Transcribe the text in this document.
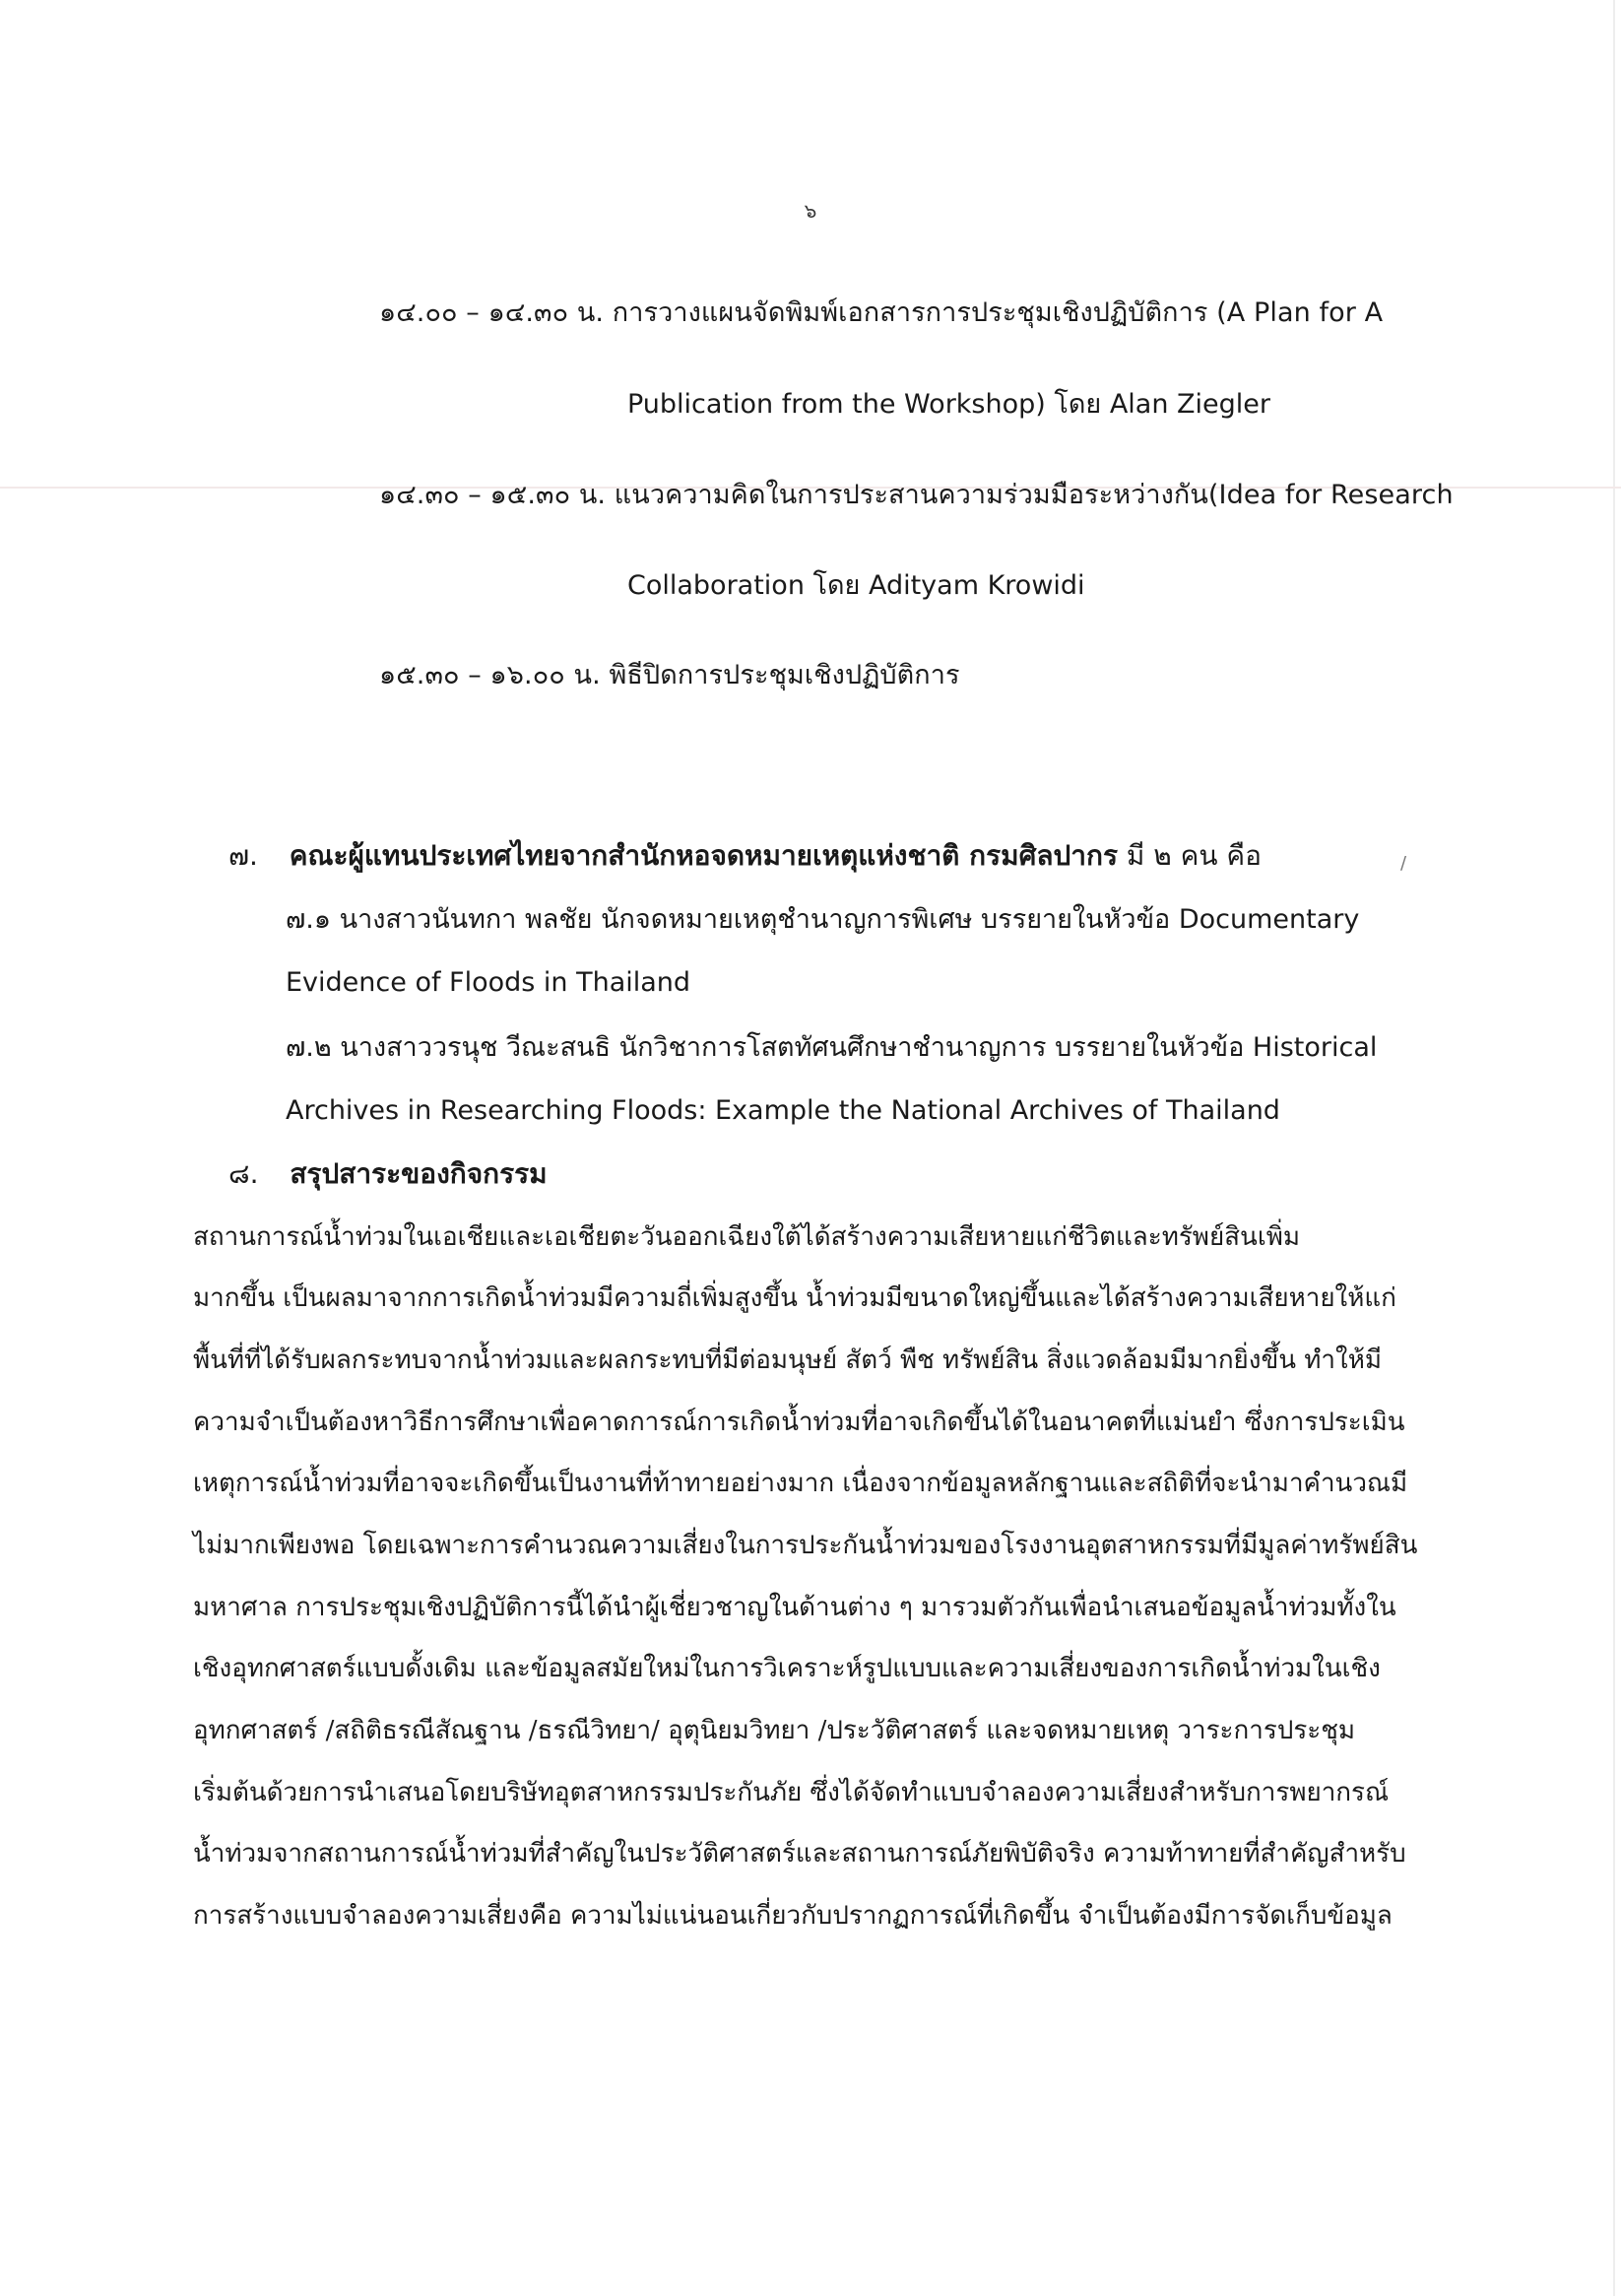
๖
๑๔.๐๐ – ๑๔.๓๐ น. การวางแผนจัดพิมพ์เอกสารการประชุมเชิงปฏิบัติการ (A Plan for A
Publication from the Workshop) โดย Alan Ziegler
๑๔.๓๐ – ๑๕.๓๐ น. แนวความคิดในการประสานความร่วมมือระหว่างกัน(Idea for Research
Collaboration โดย Adityam Krowidi
๑๕.๓๐ – ๑๖.๐๐ น. พิธีปิดการประชุมเชิงปฏิบัติการ
๗. คณะผู้แทนประเทศไทยจากสำนักหอจดหมายเหตุแห่งชาติ กรมศิลปากร มี ๒ คน คือ	/
๗.๑ นางสาวนันทกา พลชัย นักจดหมายเหตุชำนาญการพิเศษ บรรยายในหัวข้อ Documentary
Evidence of Floods in Thailand
๗.๒ นางสาววรนุช วีณะสนธิ นักวิชาการโสตทัศนศึกษาชำนาญการ บรรยายในหัวข้อ Historical
Archives in Researching Floods: Example the National Archives of Thailand
๘. สรุปสาระของกิจกรรม
สถานการณ์น้ำท่วมในเอเชียและเอเชียตะวันออกเฉียงใต้ได้สร้างความเสียหายแก่ชีวิตและทรัพย์สินเพิ่ม
มากขึ้น เป็นผลมาจากการเกิดน้ำท่วมมีความถี่เพิ่มสูงขึ้น น้ำท่วมมีขนาดใหญ่ขึ้นและได้สร้างความเสียหายให้แก่
พื้นที่ที่ได้รับผลกระทบจากน้ำท่วมและผลกระทบที่มีต่อมนุษย์ สัตว์ พืช ทรัพย์สิน สิ่งแวดล้อมมีมากยิ่งขึ้น ทำให้มี
ความจำเป็นต้องหาวิธีการศึกษาเพื่อคาดการณ์การเกิดน้ำท่วมที่อาจเกิดขึ้นได้ในอนาคตที่แม่นยำ ซึ่งการประเมิน
เหตุการณ์น้ำท่วมที่อาจจะเกิดขึ้นเป็นงานที่ท้าทายอย่างมาก เนื่องจากข้อมูลหลักฐานและสถิติที่จะนำมาคำนวณมี
ไม่มากเพียงพอ โดยเฉพาะการคำนวณความเสี่ยงในการประกันน้ำท่วมของโรงงานอุตสาหกรรมที่มีมูลค่าทรัพย์สิน
มหาศาล การประชุมเชิงปฏิบัติการนี้ได้นำผู้เชี่ยวชาญในด้านต่าง ๆ มารวมตัวกันเพื่อนำเสนอข้อมูลน้ำท่วมทั้งใน
เชิงอุทกศาสตร์แบบดั้งเดิม และข้อมูลสมัยใหม่ในการวิเคราะห์รูปแบบและความเสี่ยงของการเกิดน้ำท่วมในเชิง
อุทกศาสตร์ /สถิติธรณีสัณฐาน /ธรณีวิทยา/ อุตุนิยมวิทยา /ประวัติศาสตร์ และจดหมายเหตุ วาระการประชุม
เริ่มต้นด้วยการนำเสนอโดยบริษัทอุตสาหกรรมประกันภัย ซึ่งได้จัดทำแบบจำลองความเสี่ยงสำหรับการพยากรณ์
น้ำท่วมจากสถานการณ์น้ำท่วมที่สำคัญในประวัติศาสตร์และสถานการณ์ภัยพิบัติจริง ความท้าทายที่สำคัญสำหรับ
การสร้างแบบจำลองความเสี่ยงคือ ความไม่แน่นอนเกี่ยวกับปรากฏการณ์ที่เกิดขึ้น จำเป็นต้องมีการจัดเก็บข้อมูล
